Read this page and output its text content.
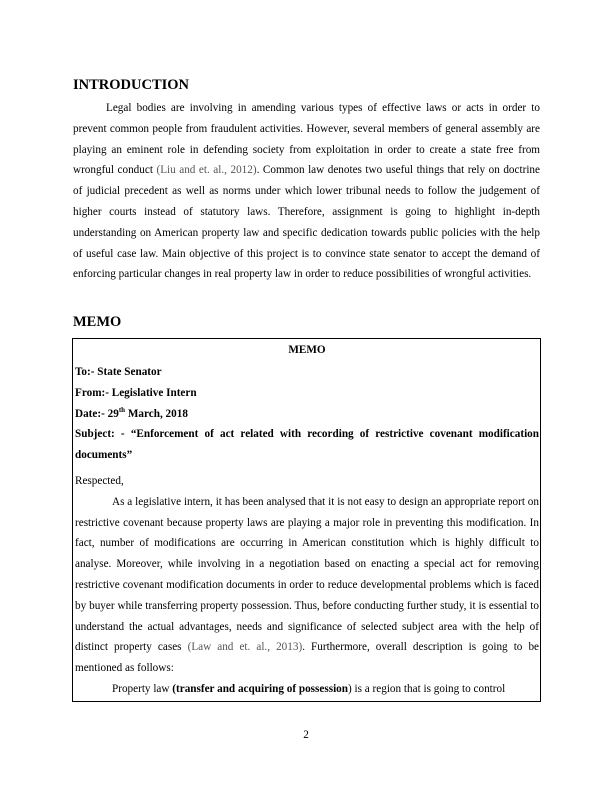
INTRODUCTION
Legal bodies are involving in amending various types of effective laws or acts in order to prevent common people from fraudulent activities. However, several members of general assembly are playing an eminent role in defending society from exploitation in order to create a state free from wrongful conduct (Liu and et. al., 2012). Common law denotes two useful things that rely on doctrine of judicial precedent as well as norms under which lower tribunal needs to follow the judgement of higher courts instead of statutory laws. Therefore, assignment is going to highlight in-depth understanding on American property law and specific dedication towards public policies with the help of useful case law. Main objective of this project is to convince state senator to accept the demand of enforcing particular changes in real property law in order to reduce possibilities of wrongful activities.
MEMO
MEMO
To:- State Senator
From:- Legislative Intern
Date:- 29th March, 2018
Subject: - “Enforcement of act related with recording of restrictive covenant modification documents”
Respected,
As a legislative intern, it has been analysed that it is not easy to design an appropriate report on restrictive covenant because property laws are playing a major role in preventing this modification. In fact, number of modifications are occurring in American constitution which is highly difficult to analyse. Moreover, while involving in a negotiation based on enacting a special act for removing restrictive covenant modification documents in order to reduce developmental problems which is faced by buyer while transferring property possession. Thus, before conducting further study, it is essential to understand the actual advantages, needs and significance of selected subject area with the help of distinct property cases (Law and et. al., 2013). Furthermore, overall description is going to be mentioned as follows:
Property law (transfer and acquiring of possession) is a region that is going to control
2
